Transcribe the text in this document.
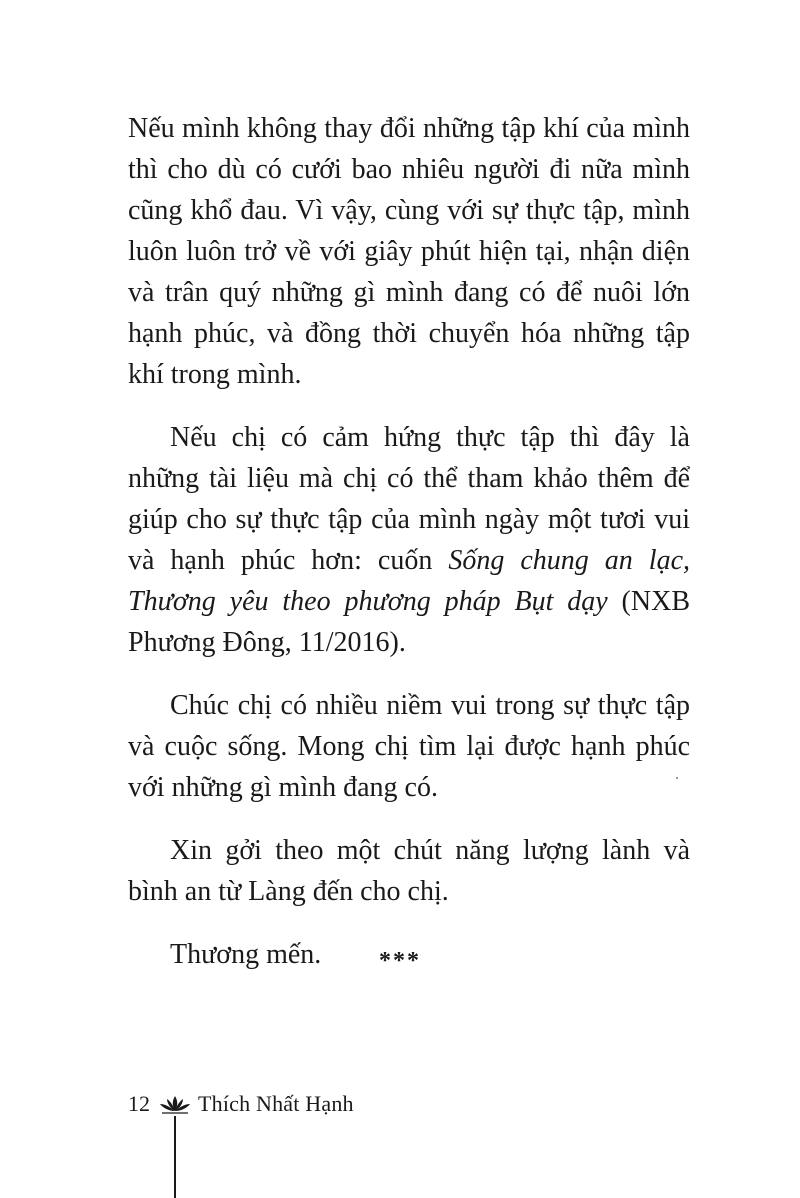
Nếu mình không thay đổi những tập khí của mình thì cho dù có cưới bao nhiêu người đi nữa mình cũng khổ đau. Vì vậy, cùng với sự thực tập, mình luôn luôn trở về với giây phút hiện tại, nhận diện và trân quý những gì mình đang có để nuôi lớn hạnh phúc, và đồng thời chuyển hóa những tập khí trong mình.

Nếu chị có cảm hứng thực tập thì đây là những tài liệu mà chị có thể tham khảo thêm để giúp cho sự thực tập của mình ngày một tươi vui và hạnh phúc hơn: cuốn Sống chung an lạc, Thương yêu theo phương pháp Bụt dạy (NXB Phương Đông, 11/2016).

Chúc chị có nhiều niềm vui trong sự thực tập và cuộc sống. Mong chị tìm lại được hạnh phúc với những gì mình đang có.

Xin gởi theo một chút năng lượng lành và bình an từ Làng đến cho chị.

Thương mến.	***
12 Thích Nhất Hạnh
